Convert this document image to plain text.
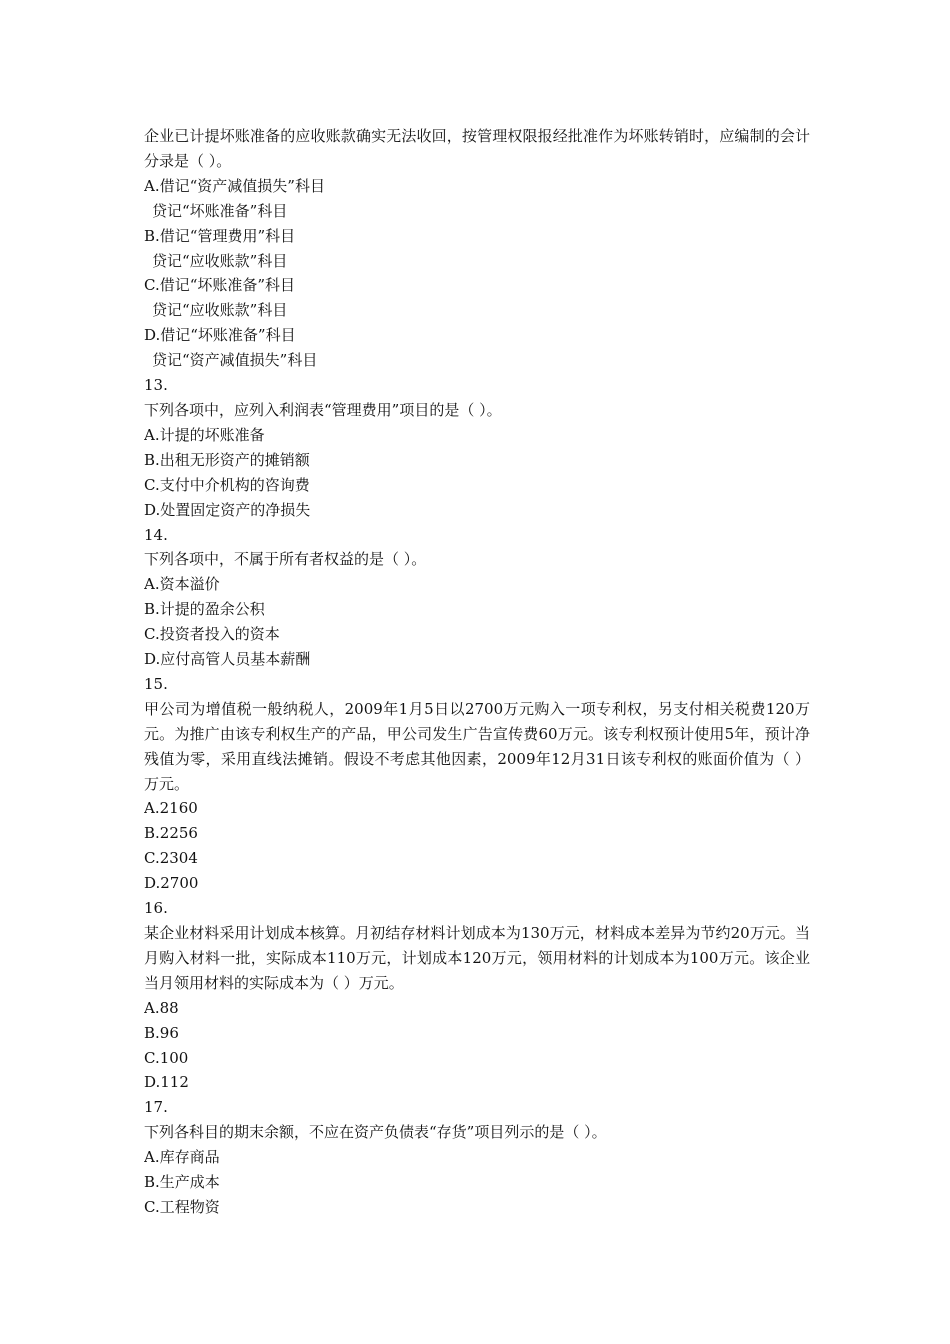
企业已计提坏账准备的应收账款确实无法收回，按管理权限报经批准作为坏账转销时，应编制的会计分录是（ ）。
A.借记“资产减值损失”科目
贷记“坏账准备”科目
B.借记“管理费用”科目
贷记“应收账款”科目
C.借记“坏账准备”科目
贷记“应收账款”科目
D.借记“坏账准备”科目
贷记“资产减值损失”科目
13.
下列各项中，应列入利润表“管理费用”项目的是（ ）。
A.计提的坏账准备
B.出租无形资产的摊销额
C.支付中介机构的咨询费
D.处置固定资产的净损失
14.
下列各项中，不属于所有者权益的是（ ）。
A.资本溢价
B.计提的盈余公积
C.投资者投入的资本
D.应付高管人员基本薪酬
15.
甲公司为增值税一般纳税人，2009年1月5日以2700万元购入一项专利权，另支付相关税费120万元。为推广由该专利权生产的产品，甲公司发生广告宣传费60万元。该专利权预计使用5年，预计净残值为零，采用直线法摊销。假设不考虑其他因素，2009年12月31日该专利权的账面价值为（ ）万元。
A.2160
B.2256
C.2304
D.2700
16.
某企业材料采用计划成本核算。月初结存材料计划成本为130万元，材料成本差异为节约20万元。当月购入材料一批，实际成本110万元，计划成本120万元，领用材料的计划成本为100万元。该企业当月领用材料的实际成本为（ ）万元。
A.88
B.96
C.100
D.112
17.
下列各科目的期末余额，不应在资产负债表“存货”项目列示的是（ ）。
A.库存商品
B.生产成本
C.工程物资
